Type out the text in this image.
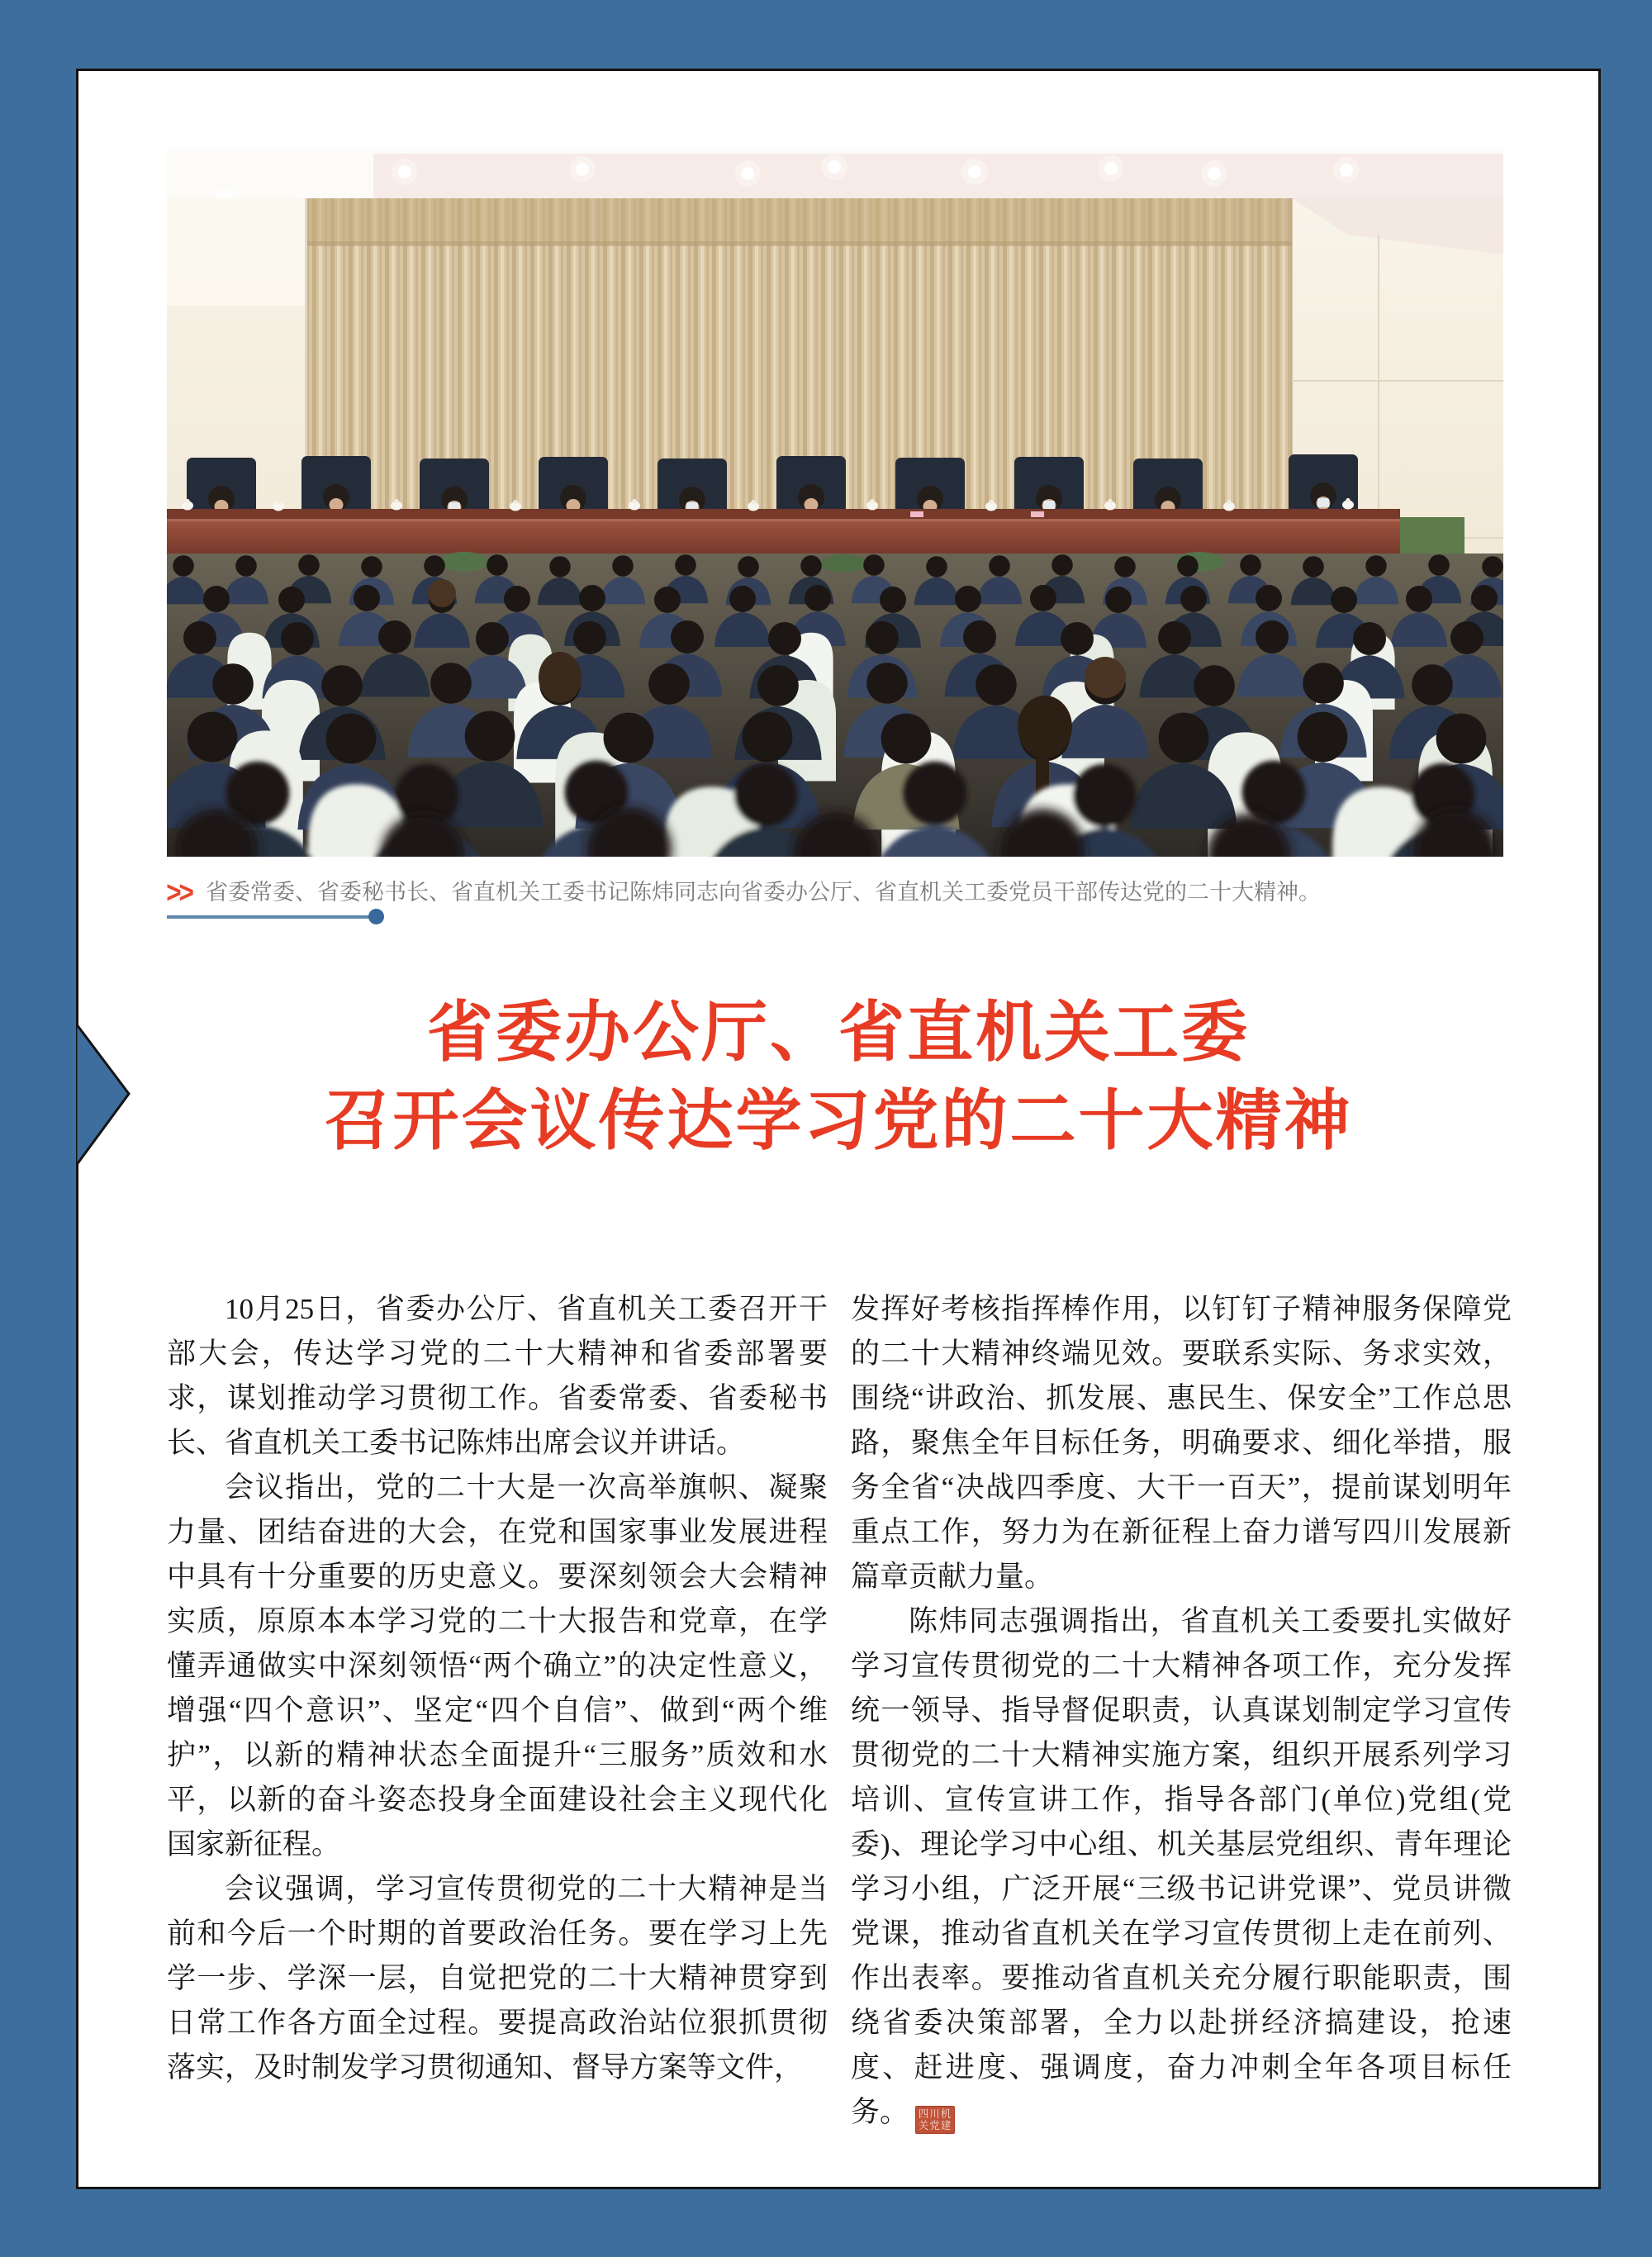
>> 省委常委、省委秘书长、省直机关工委书记陈炜同志向省委办公厅、省直机关工委党员干部传达党的二十大精神。
省委办公厅、省直机关工委
召开会议传达学习党的二十大精神

10月25日，省委办公厅、省直机关工委召开干部大会，传达学习党的二十大精神和省委部署要求，谋划推动学习贯彻工作。省委常委、省委秘书长、省直机关工委书记陈炜出席会议并讲话。

会议指出，党的二十大是一次高举旗帜、凝聚力量、团结奋进的大会，在党和国家事业发展进程中具有十分重要的历史意义。要深刻领会大会精神实质，原原本本学习党的二十大报告和党章，在学懂弄通做实中深刻领悟“两个确立”的决定性意义，增强“四个意识”、坚定“四个自信”、做到“两个维护”，以新的精神状态全面提升“三服务”质效和水平，以新的奋斗姿态投身全面建设社会主义现代化国家新征程。

会议强调，学习宣传贯彻党的二十大精神是当前和今后一个时期的首要政治任务。要在学习上先学一步、学深一层，自觉把党的二十大精神贯穿到日常工作各方面全过程。要提高政治站位狠抓贯彻落实，及时制发学习贯彻通知、督导方案等文件，

发挥好考核指挥棒作用，以钉钉子精神服务保障党的二十大精神终端见效。要联系实际、务求实效，围绕“讲政治、抓发展、惠民生、保安全”工作总思路，聚焦全年目标任务，明确要求、细化举措，服务全省“决战四季度、大干一百天”，提前谋划明年重点工作，努力为在新征程上奋力谱写四川发展新篇章贡献力量。

陈炜同志强调指出，省直机关工委要扎实做好学习宣传贯彻党的二十大精神各项工作，充分发挥统一领导、指导督促职责，认真谋划制定学习宣传贯彻党的二十大精神实施方案，组织开展系列学习培训、宣传宣讲工作，指导各部门(单位)党组(党委)、理论学习中心组、机关基层党组织、青年理论学习小组，广泛开展“三级书记讲党课”、党员讲微党课，推动省直机关在学习宣传贯彻上走在前列、作出表率。要推动省直机关充分履行职能职责，围绕省委决策部署，全力以赴拼经济搞建设，抢速度、赶进度、强调度，奋力冲刺全年各项目标任务。 四川机关党建
